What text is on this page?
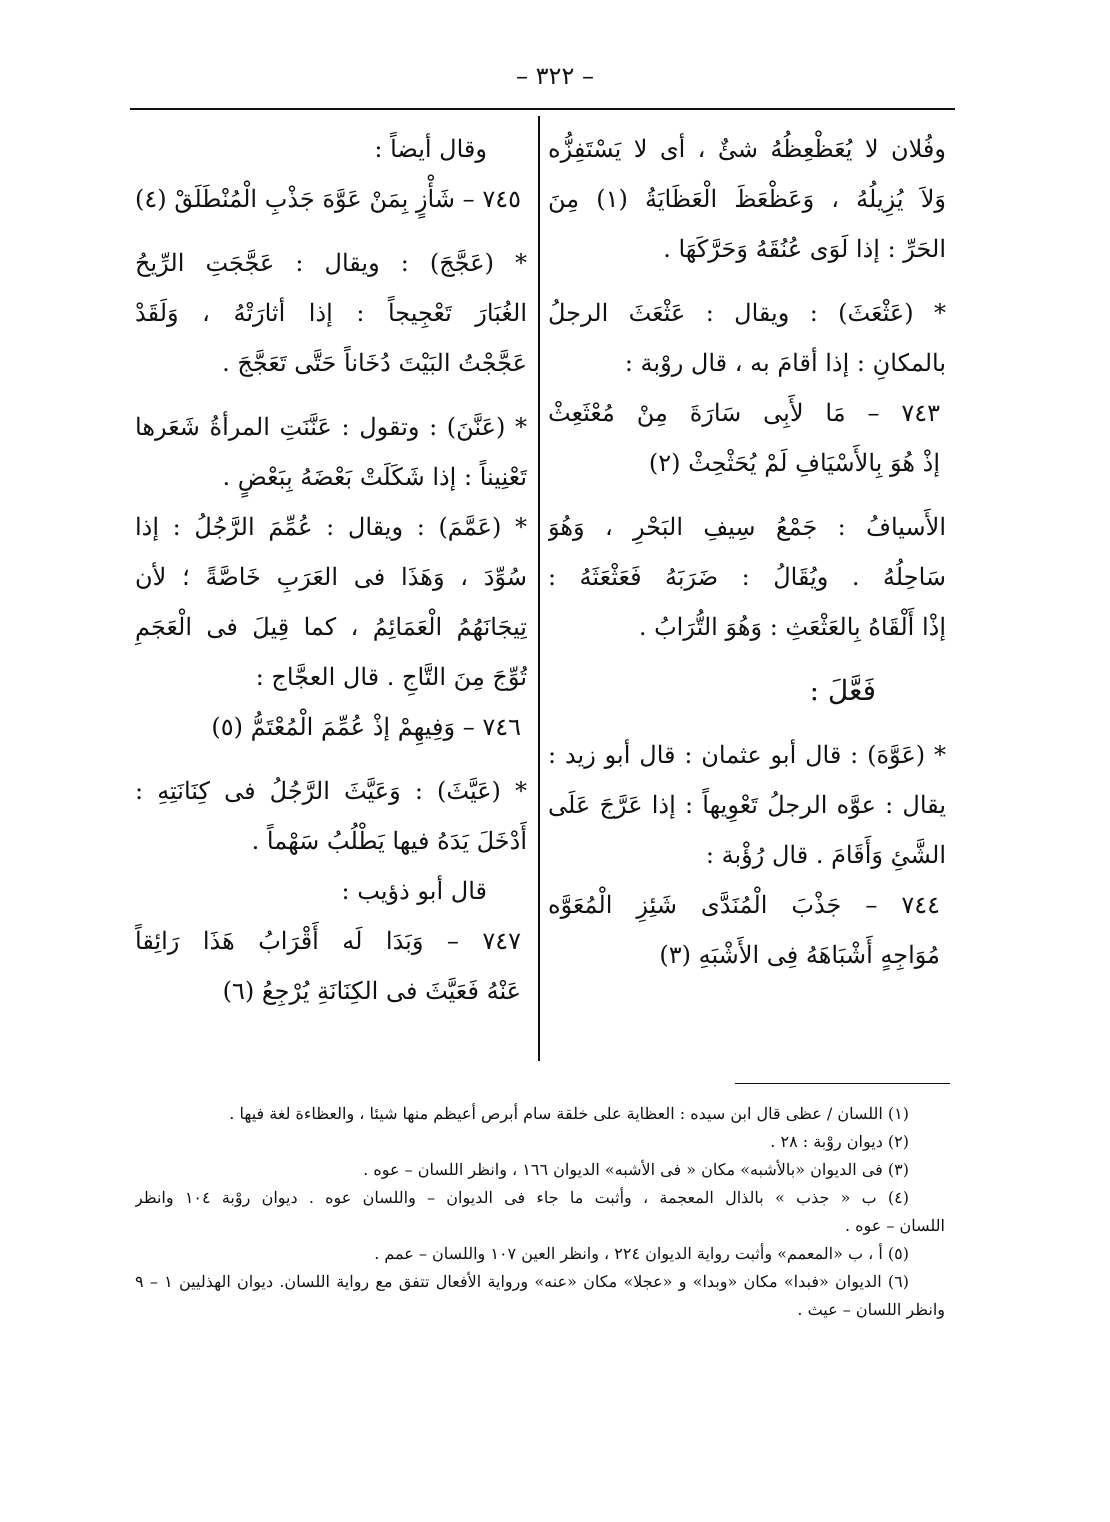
– ٣٢٢ –
وفُلان لا يُعَظْعِظُهُ شئٌ ، أى لا يَسْتَفِزُّه
وَلاَ يُزِيلُهُ ، وَعَظْعَظَ الْعَظَايَةُ (١) مِنَ
الحَرِّ : إذا لَوَى عُنُقَهُ وَحَرَّكَهَا .
* (عَثْعَثَ) : ويقال : عَثْعَثَ الرجلُ
بالمكانِ : إذا أقامَ به ، قال روْبة :
٧٤٣ – مَا لأَبِى سَارَةَ مِنْ مُعْثَعِثْ
إذْ هُوَ بِالأَسْيَافِ لَمْ يُحَثْحِثْ (٢)
الأَسيافُ : جَمْعُ سِيفِ البَحْرِ ، وَهُوَ
سَاحِلُهُ . ويُقَالُ : ضَرَبَهُ فَعَثْعَثَهُ :
إذْا أَلْقَاهُ بِالعَثْعَثِ : وَهُوَ التُّرَابُ .
فَعَّلَ :
* (عَوَّهَ) : قال أبو عثمان : قال أبو زيد :
يقال : عوَّه الرجلُ تَعْوِيهاً : إذا عَرَّجَ عَلَى
الشَّئِ وَأَقَامَ . قال رُؤْبة :
٧٤٤ – جَذْبَ الْمُنَدَّى شَئِزِ الْمُعَوَّه
مُوَاجِهٍ أَشْبَاهَهُ فِى الأَشْبَهِ (٣)
وقال أيضاً :
٧٤٥ – شَأْزٍ بِمَنْ عَوَّهَ جَذْبِ الْمُنْطَلَقْ (٤)
* (عَجَّجَ) : ويقال : عَجَّجَتِ الرِّيحُ
الغُبَارَ تَعْجِيجاً : إذا أثارَتْهُ ، وَلَقَدْ
عَجَّجْتُ البَيْتَ دُخَاناً حَتَّى تَعَجَّجَ .
* (عَنَّنَ) : وتقول : عَنَّنَتِ المرأةُ شَعَرها
تَعْنِيناً : إذا شَكَلَتْ بَعْضَهُ بِبَعْضٍ .
* (عَمَّمَ) : ويقال : عُمِّمَ الرَّجُلُ : إذا
سُوِّدَ ، وَهَذَا فى العَرَبِ خَاصَّةً ؛ لأن
تِيجَانَهُمُ الْعَمَائِمُ ، كما قِيلَ فى الْعَجَمِ
تُوِّجَ مِنَ التَّاجِ . قال العجَّاج :
٧٤٦ – وَفِيهِمْ إذْ عُمِّمَ الْمُعْتَمُّ (٥)
* (عَيَّثَ) : وَعَيَّثَ الرَّجُلُ فى كِنَانَتِهِ :
أَدْخَلَ يَدَهُ فيها يَطْلُبُ سَهْماً .
قال أبو ذؤيب :
٧٤٧ – وَبَدَا لَه أَقْرَابُ هَذَا رَائِقاً
عَنْهُ فَعَيَّثَ فى الكِنَانَةِ يُرْجِعُ (٦)
(١) اللسان / عظى قال ابن سيده : العظاية على خلقة سام أبرص أعيظم منها شيئا ، والعظاءة لغة فيها .
(٢) ديوان روْبة : ٢٨ .
(٣) فى الديوان «بالأشبه» مكان « فى الأشبه» الديوان ١٦٦ ، وانظر اللسان – عوه .
(٤) ب « جذب » بالذال المعجمة ، وأثبت ما جاء فى الديوان – واللسان عوه . ديوان روْبة ١٠٤ وانظر
اللسان – عوه .
(٥) أ ، ب «المعمم» وأثبت رواية الديوان ٢٢٤ ، وانظر العين ١٠٧ واللسان – عمم .
(٦) الديوان «فبدا» مكان «وبدا» و «عجلا» مكان «عنه» ورواية الأفعال تتفق مع رواية اللسان. ديوان الهذليين ١ – ٩
وانظر اللسان – عيث .
